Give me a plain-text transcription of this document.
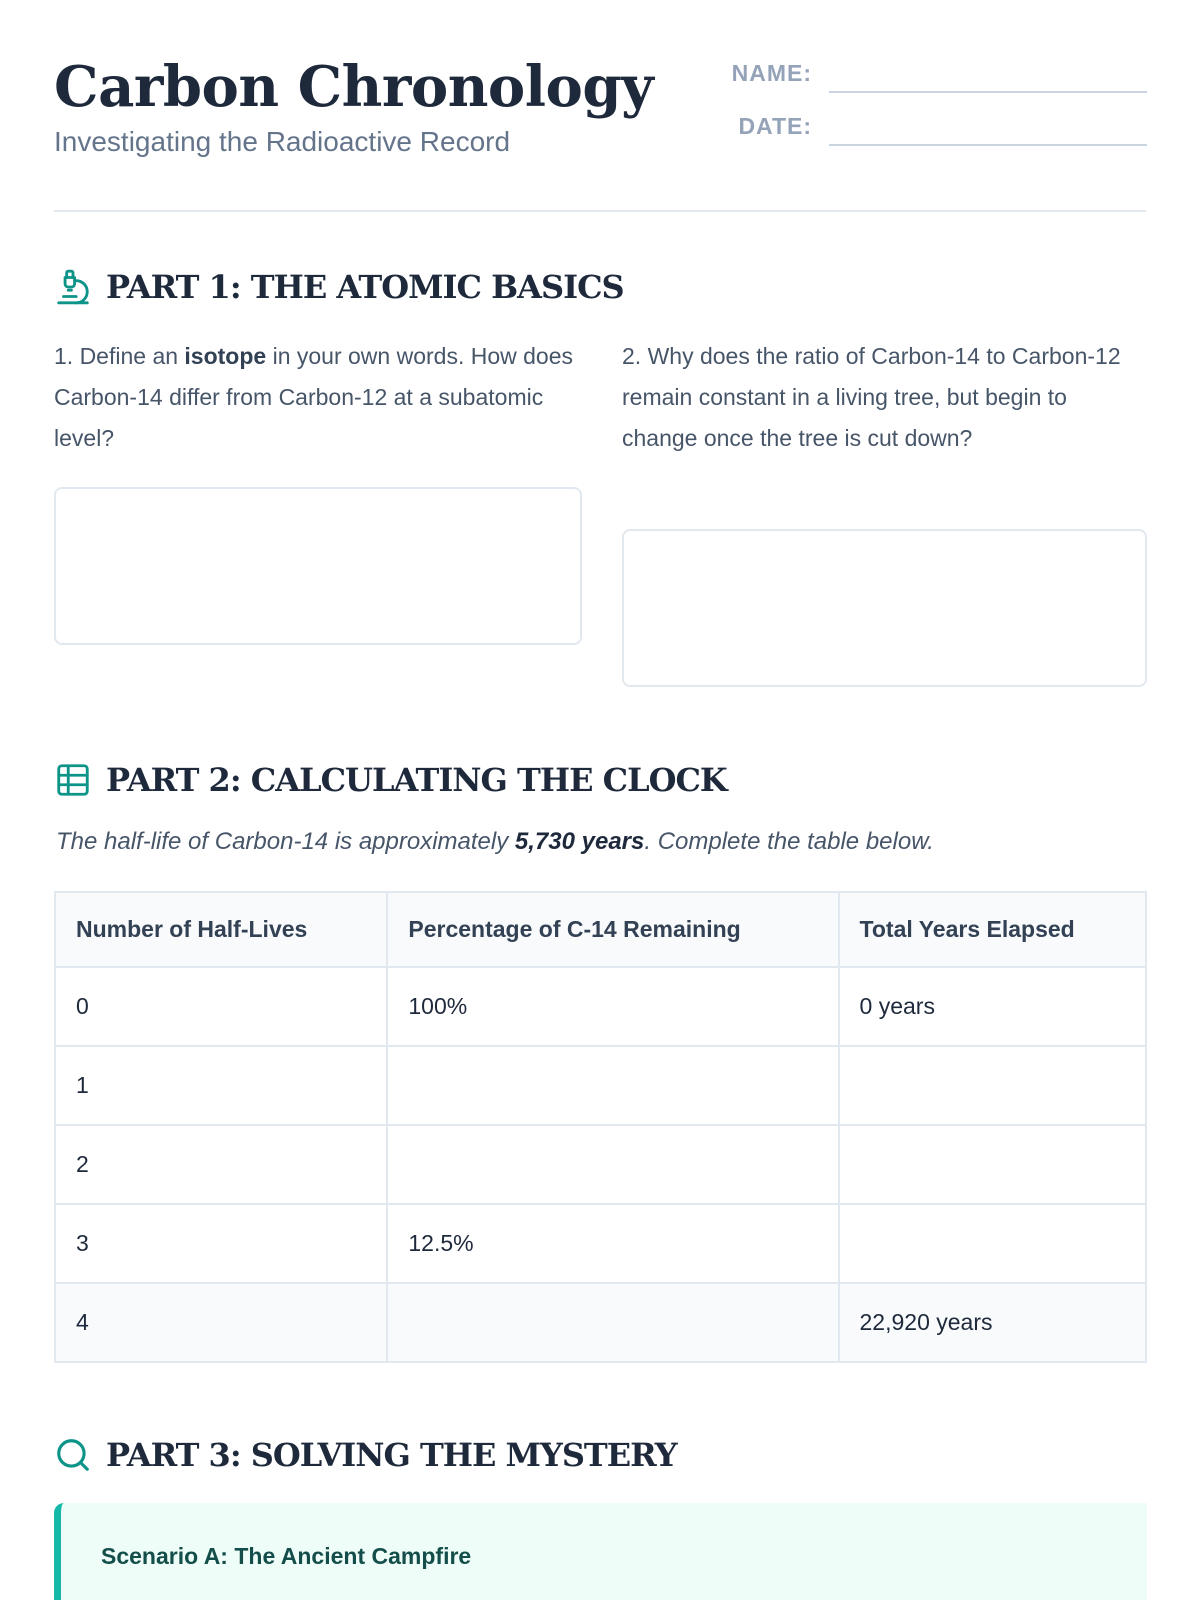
Carbon Chronology
Investigating the Radioactive Record
NAME:
DATE:
PART 1: THE ATOMIC BASICS
1. Define an isotope in your own words. How does Carbon-14 differ from Carbon-12 at a subatomic level?
2. Why does the ratio of Carbon-14 to Carbon-12 remain constant in a living tree, but begin to change once the tree is cut down?
PART 2: CALCULATING THE CLOCK
The half-life of Carbon-14 is approximately 5,730 years. Complete the table below.
Number of Half-Lives	Percentage of C-14 Remaining	Total Years Elapsed
0	100%	0 years
1		
2		
3	12.5%	
4		22,920 years
PART 3: SOLVING THE MYSTERY
Scenario A: The Ancient Campfire
